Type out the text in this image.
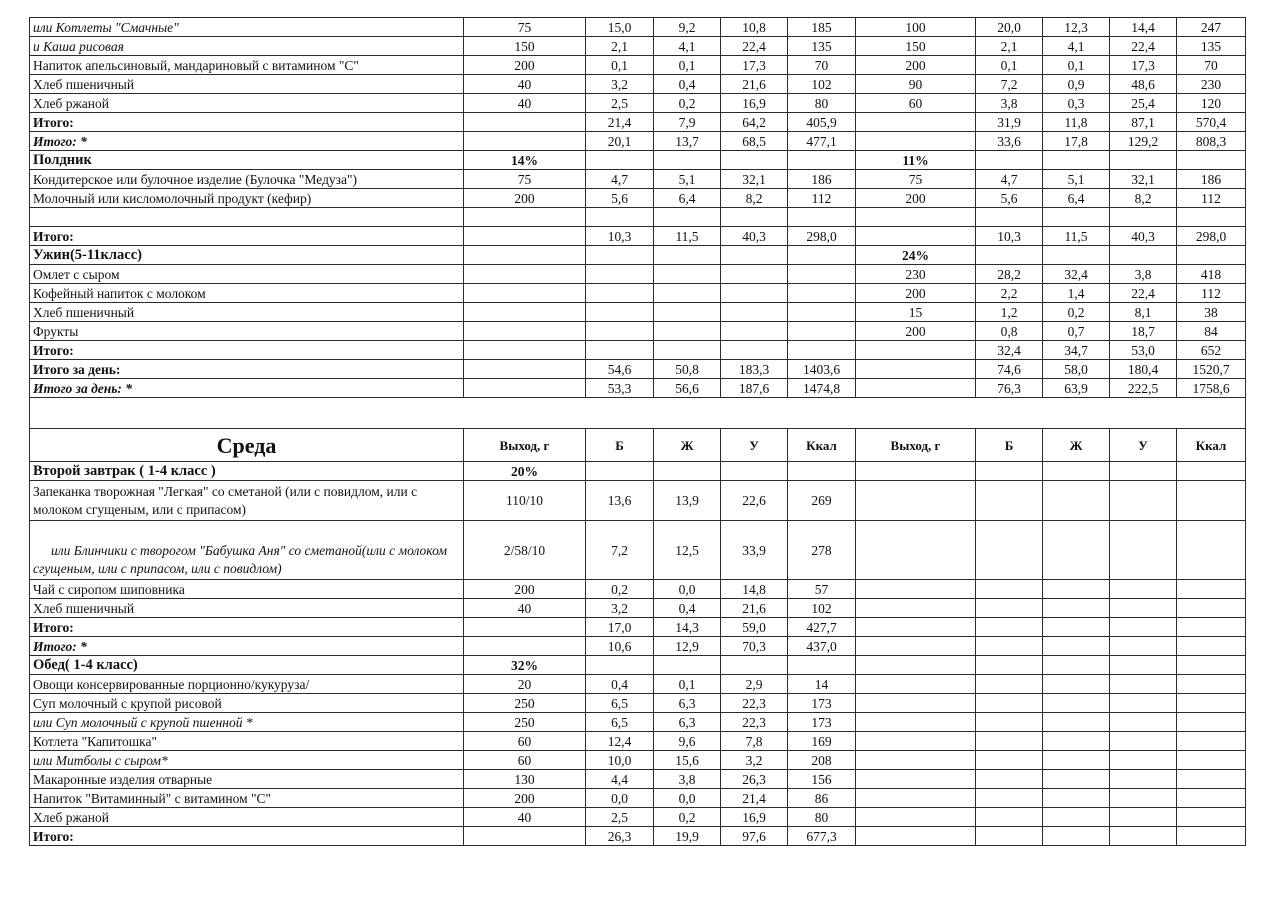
или Котлеты "Смачные"	75	15,0	9,2	10,8	185	100	20,0	12,3	14,4	247
и Каша рисовая	150	2,1	4,1	22,4	135	150	2,1	4,1	22,4	135
Напиток апельсиновый, мандариновый с витамином "С"	200	0,1	0,1	17,3	70	200	0,1	0,1	17,3	70
Хлеб пшеничный	40	3,2	0,4	21,6	102	90	7,2	0,9	48,6	230
Хлеб ржаной	40	2,5	0,2	16,9	80	60	3,8	0,3	25,4	120
Итого:		21,4	7,9	64,2	405,9		31,9	11,8	87,1	570,4
Итого: *		20,1	13,7	68,5	477,1		33,6	17,8	129,2	808,3
Полдник	14%					11%				
Кондитерское или булочное изделие (Булочка "Медуза")	75	4,7	5,1	32,1	186	75	4,7	5,1	32,1	186
Молочный или кисломолочный продукт (кефир)	200	5,6	6,4	8,2	112	200	5,6	6,4	8,2	112

Итого:		10,3	11,5	40,3	298,0		10,3	11,5	40,3	298,0
Ужин(5-11класс)						24%				
Омлет с сыром						230	28,2	32,4	3,8	418
Кофейный напиток с молоком						200	2,2	1,4	22,4	112
Хлеб пшеничный						15	1,2	0,2	8,1	38
Фрукты						200	0,8	0,7	18,7	84
Итого:							32,4	34,7	53,0	652
Итого за день:		54,6	50,8	183,3	1403,6		74,6	58,0	180,4	1520,7
Итого за день: *		53,3	56,6	187,6	1474,8		76,3	63,9	222,5	1758,6

Среда	Выход, г	Б	Ж	У	Ккал	Выход, г	Б	Ж	У	Ккал
Второй завтрак ( 1-4 класс )	20%									
Запеканка творожная "Легкая" со сметаной (или с повидлом, или с молоком сгущеным, или с припасом)	110/10	13,6	13,9	22,6	269					
или Блинчики с творогом "Бабушка Аня" со сметаной(или с молоком сгущеным, или с припасом, или с повидлом)	2/58/10	7,2	12,5	33,9	278					
Чай с сиропом шиповника	200	0,2	0,0	14,8	57					
Хлеб пшеничный	40	3,2	0,4	21,6	102					
Итого:		17,0	14,3	59,0	427,7					
Итого: *		10,6	12,9	70,3	437,0					
Обед( 1-4 класс)	32%									
Овощи консервированные порционно/кукуруза/	20	0,4	0,1	2,9	14					
Суп молочный с крупой рисовой	250	6,5	6,3	22,3	173					
или Суп молочный с крупой пшенной *	250	6,5	6,3	22,3	173					
Котлета "Капитошка"	60	12,4	9,6	7,8	169					
или Митболы с сыром*	60	10,0	15,6	3,2	208					
Макаронные изделия отварные	130	4,4	3,8	26,3	156					
Напиток "Витаминный" с витамином "С"	200	0,0	0,0	21,4	86					
Хлеб ржаной	40	2,5	0,2	16,9	80					
Итого:		26,3	19,9	97,6	677,3					
